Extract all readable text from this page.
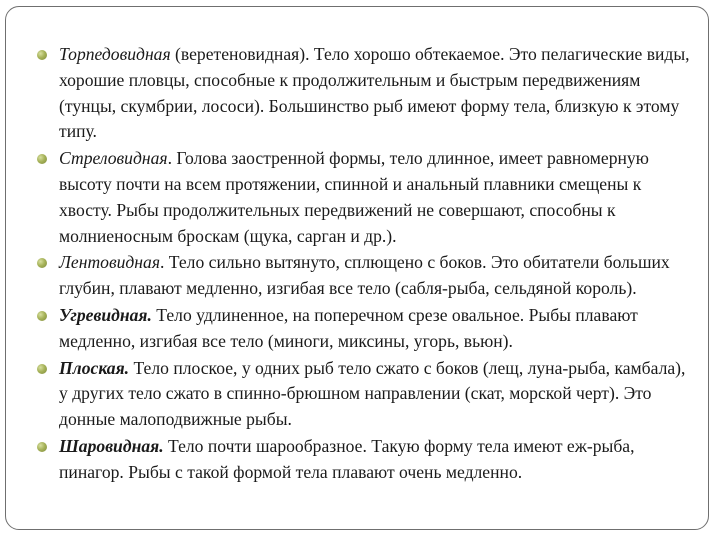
Торпедовидная (веретеновидная). Тело хорошо обтекаемое. Это пелагические виды, хорошие пловцы, способные к продолжительным и быстрым передвижениям (тунцы, скумбрии, лососи). Большинство рыб имеют форму тела, близкую к этому типу.
Стреловидная. Голова заостренной формы, тело длинное, имеет равномерную высоту почти на всем протяжении, спинной и анальный плавники смещены к хвосту. Рыбы продолжительных передвижений не совершают, способны к молниеносным броскам (щука, сарган и др.).
Лентовидная. Тело сильно вытянуто, сплющено с боков. Это обитатели больших глубин, плавают медленно, изгибая все тело (сабля-рыба, сельдяной король).
Угревидная. Тело удлиненное, на поперечном срезе овальное. Рыбы плавают медленно, изгибая все тело (миноги, миксины, угорь, вьюн).
Плоская. Тело плоское, у одних рыб тело сжато с боков (лещ, луна-рыба, камбала), у других тело сжато в спинно-брюшном направлении (скат, морской черт). Это донные малоподвижные рыбы.
Шаровидная. Тело почти шарообразное. Такую форму тела имеют еж-рыба, пинагор. Рыбы с такой формой тела плавают очень медленно.
